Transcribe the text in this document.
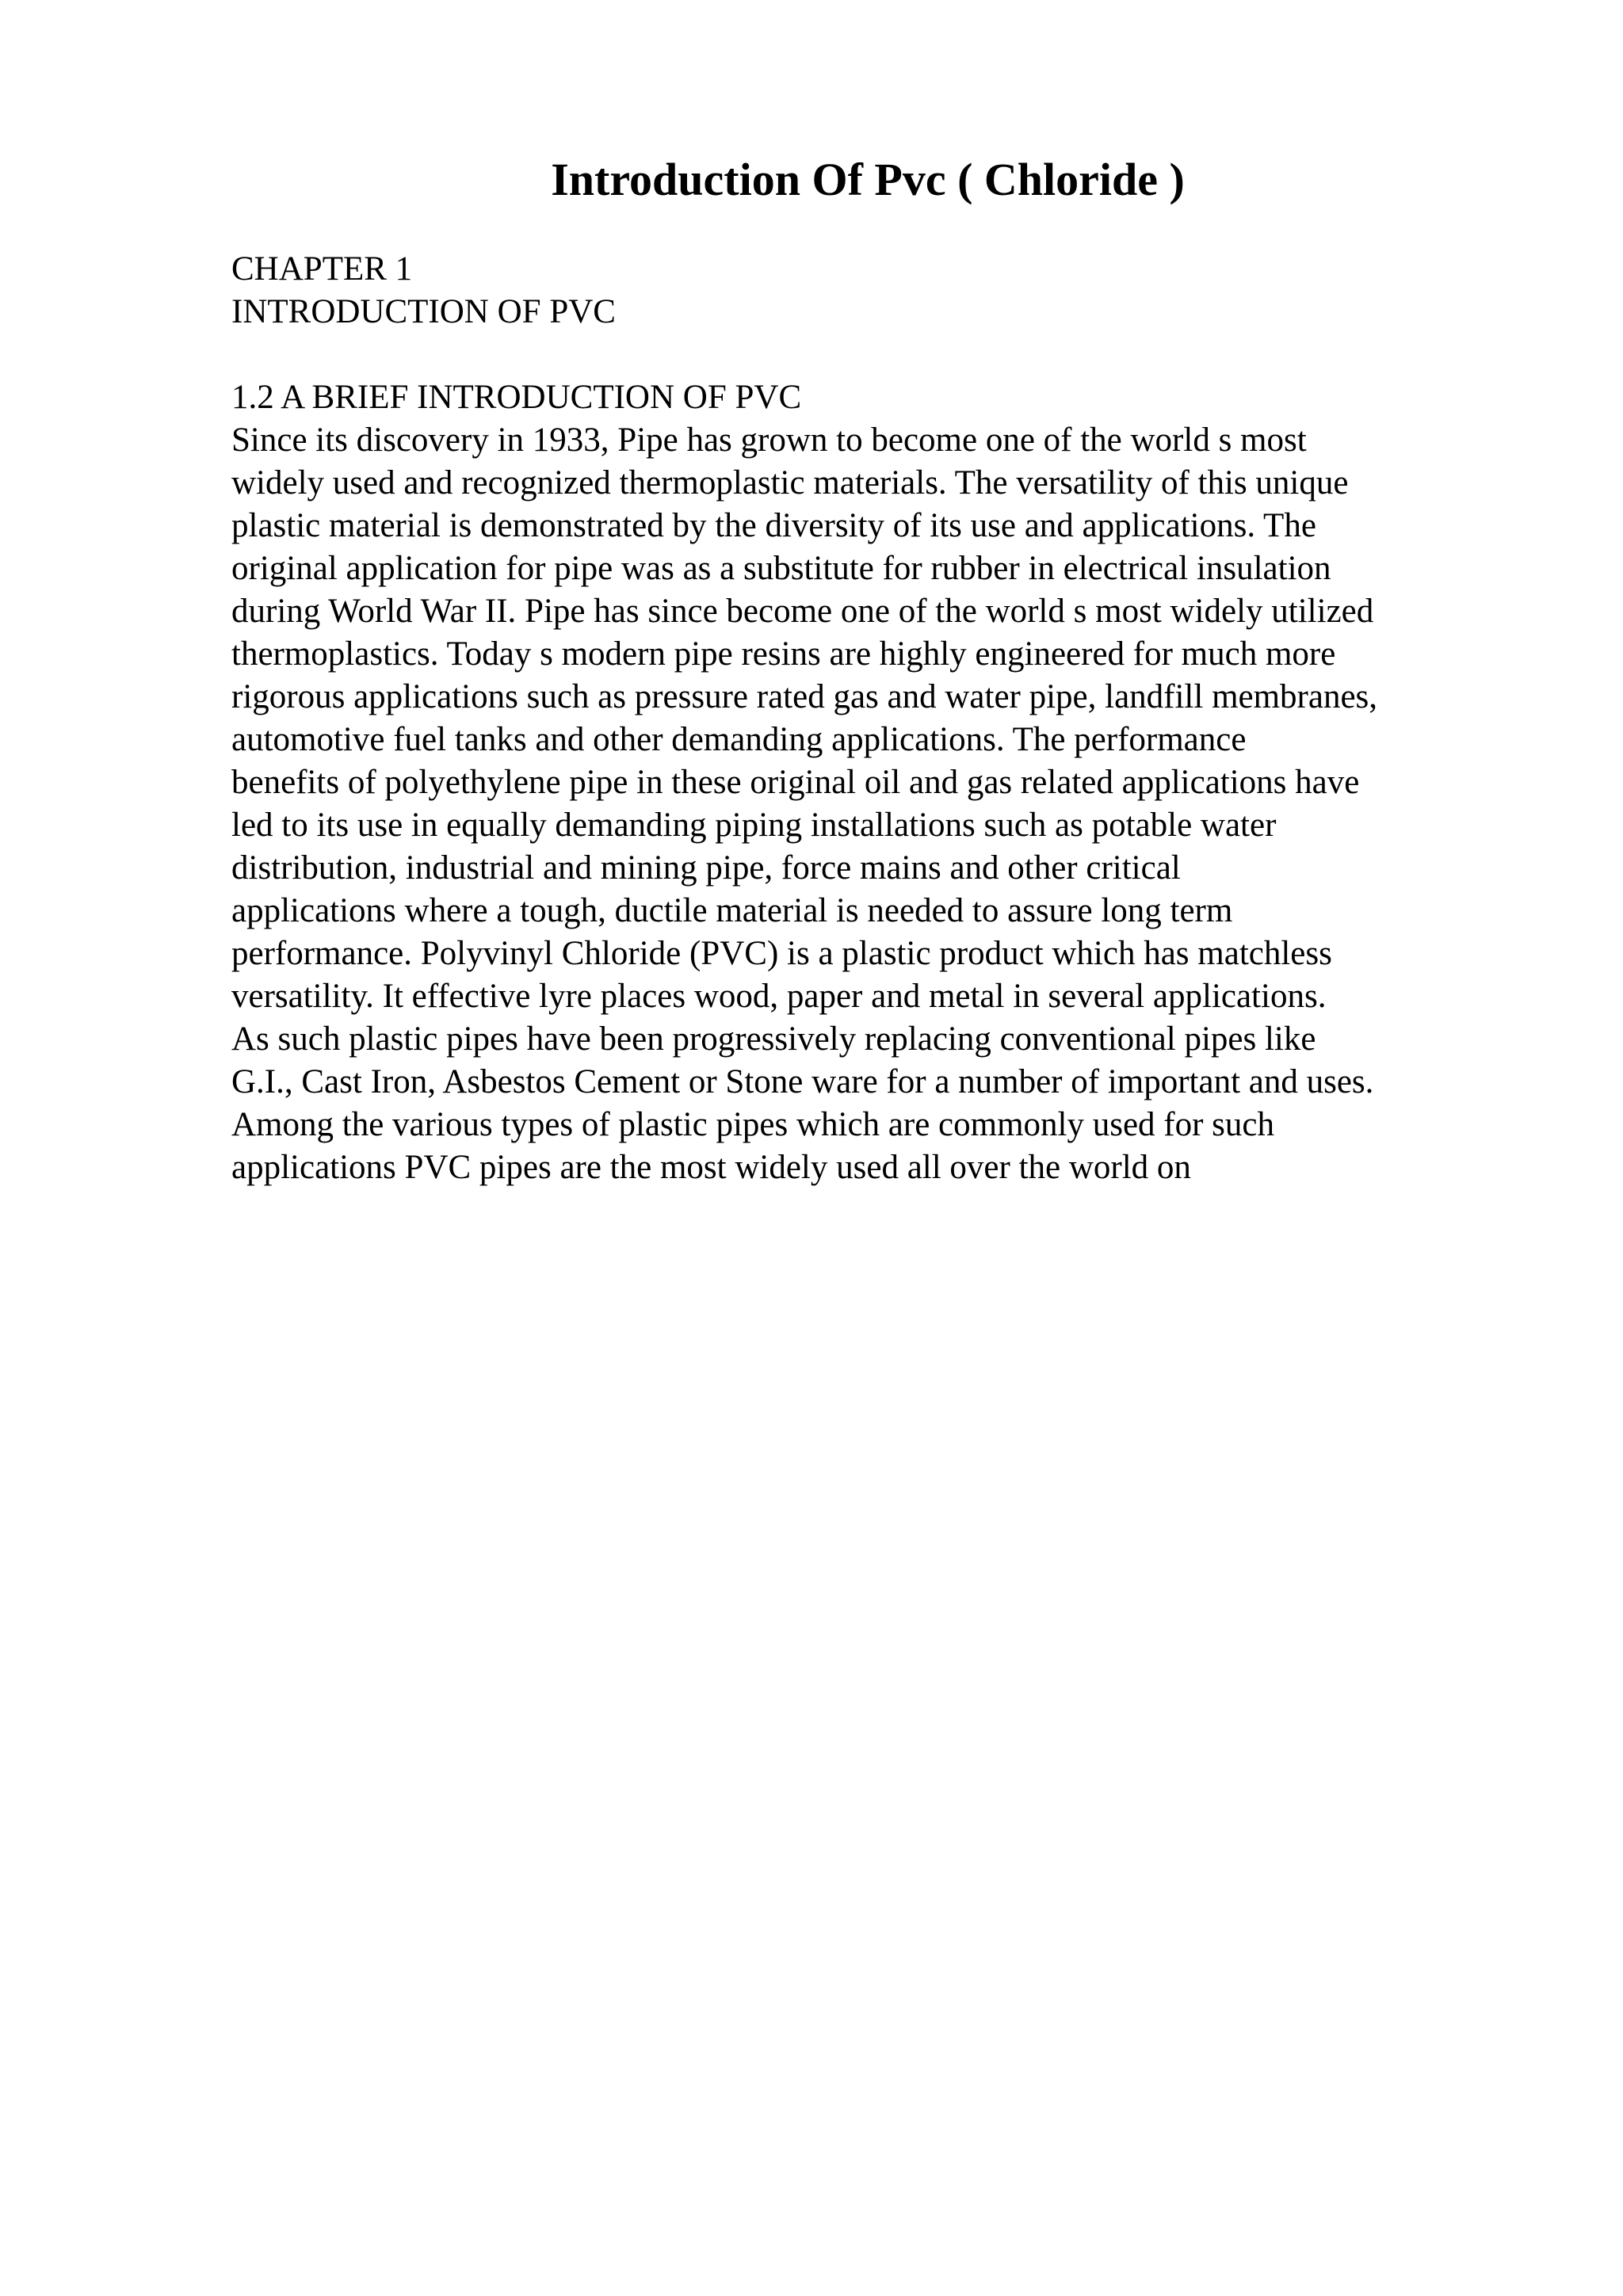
Introduction Of Pvc ( Chloride )
CHAPTER 1
INTRODUCTION OF PVC
1.2 A BRIEF INTRODUCTION OF PVC
Since its discovery in 1933, Pipe has grown to become one of the world s most
widely used and recognized thermoplastic materials. The versatility of this unique
plastic material is demonstrated by the diversity of its use and applications. The
original application for pipe was as a substitute for rubber in electrical insulation
during World War II. Pipe has since become one of the world s most widely utilized
thermoplastics. Today s modern pipe resins are highly engineered for much more
rigorous applications such as pressure rated gas and water pipe, landfill membranes,
automotive fuel tanks and other demanding applications. The performance
benefits of polyethylene pipe in these original oil and gas related applications have
led to its use in equally demanding piping installations such as potable water
distribution, industrial and mining pipe, force mains and other critical
applications where a tough, ductile material is needed to assure long term
performance. Polyvinyl Chloride (PVC) is a plastic product which has matchless
versatility. It effective lyre places wood, paper and metal in several applications.
As such plastic pipes have been progressively replacing conventional pipes like
G.I., Cast Iron, Asbestos Cement or Stone ware for a number of important and uses.
Among the various types of plastic pipes which are commonly used for such
applications PVC pipes are the most widely used all over the world on
